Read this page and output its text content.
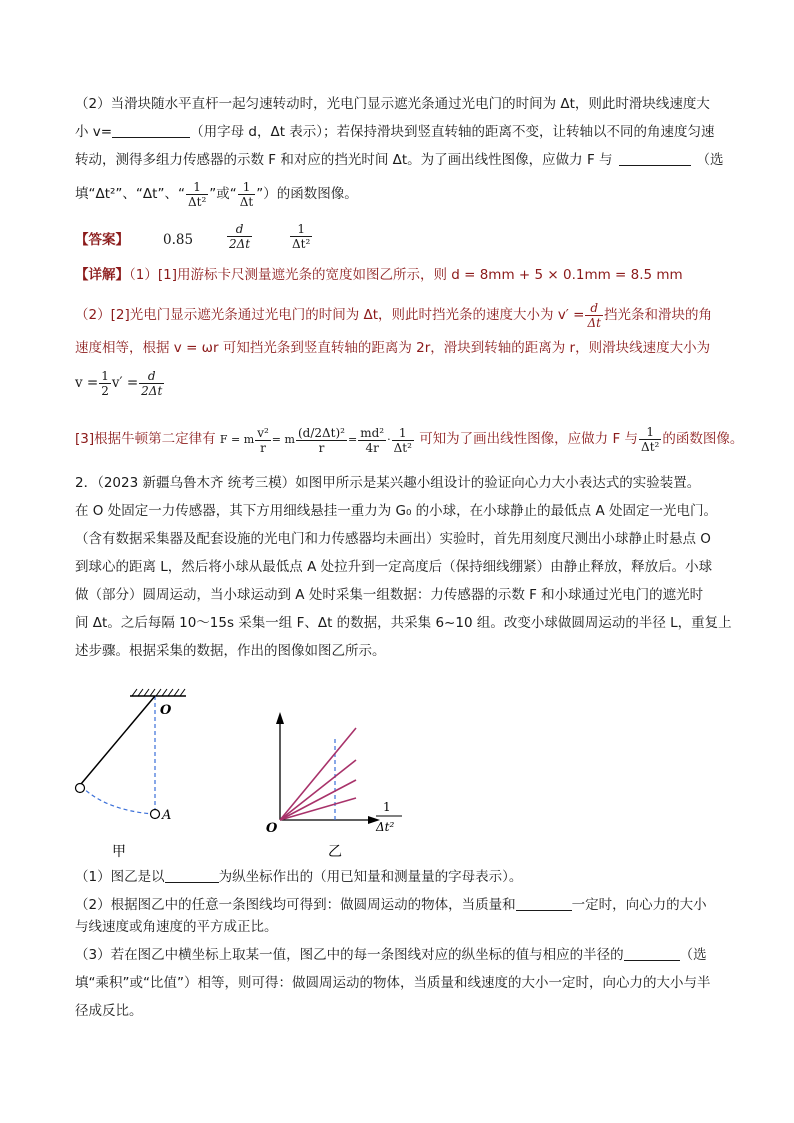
（2）当滑块随水平直杆一起匀速转动时，光电门显示遮光条通过光电门的时间为 Δt，则此时滑块线速度大
小 v=	（用字母 d，Δt 表示）；若保持滑块到竖直转轴的距离不变，让转轴以不同的角速度匀速
转动，测得多组力传感器的示数 F 和对应的挡光时间 Δt。为了画出线性图像，应做力 F 与	（选
填“Δt²”、“Δt”、“ $\frac{1}{\text{Δt²}}$ ”或“ $\frac{1}{\Delta t}$ ”）的函数图像。
【答案】	0.85	$\frac{d}{2\Delta t}$	$\frac{1}{\text{Δt²}}$
【详解】（1）[1]用游标卡尺测量遮光条的宽度如图乙所示，则 d = 8mm + 5 × 0.1mm = 8.5 mm
（2）[2]光电门显示遮光条通过光电门的时间为 Δt，则此时挡光条的速度大小为 $v' = \frac{d}{\Delta t}$ 挡光条和滑块的角
速度相等，根据 v = ωr 可知挡光条到竖直转轴的距离为 2r，滑块到转轴的距离为 r，则滑块线速度大小为
$v = \frac{1}{2} v' = \frac{d}{2\Delta t}$
[3]根据牛顿第二定律有 F = m $\frac{\text{v²}}{r} = m \frac{\text{(d/2Δt)²}}{r} = \frac{\text{md²}}{4r} \cdot \frac{1}{\text{Δt²}}$ 可知为了画出线性图像，应做力 F 与 $\frac{1}{\text{Δt²}}$ 的函数图像。
2．（2023 新疆乌鲁木齐 统考三模）如图甲所示是某兴趣小组设计的验证向心力大小表达式的实验装置。
在 O 处固定一力传感器，其下方用细线悬挂一重力为 G₀ 的小球，在小球静止的最低点 A 处固定一光电门。
（含有数据采集器及配套设施的光电门和力传感器均未画出）实验时，首先用刻度尺测出小球静止时悬点 O
到球心的距离 L，然后将小球从最低点 A 处拉升到一定高度后（保持细线绷紧）由静止释放，释放后。小球
做（部分）圆周运动，当小球运动到 A 处时采集一组数据：力传感器的示数 F 和小球通过光电门的遮光时
间 Δt。之后每隔 10～15s 采集一组 F、Δt 的数据，共采集 6~10 组。改变小球做圆周运动的半径 L，重复上
述步骤。根据采集的数据，作出的图像如图乙所示。
O
A
甲
O
1
Δt²
乙
（1）图乙是以	为纵坐标作出的（用已知量和测量量的字母表示）。
（2）根据图乙中的任意一条图线均可得到：做圆周运动的物体，当质量和	一定时，向心力的大小
与线速度或角速度的平方成正比。
（3）若在图乙中横坐标上取某一值，图乙中的每一条图线对应的纵坐标的值与相应的半径的	（选
填“乘积”或“比值”）相等，则可得：做圆周运动的物体，当质量和线速度的大小一定时，向心力的大小与半
径成反比。
